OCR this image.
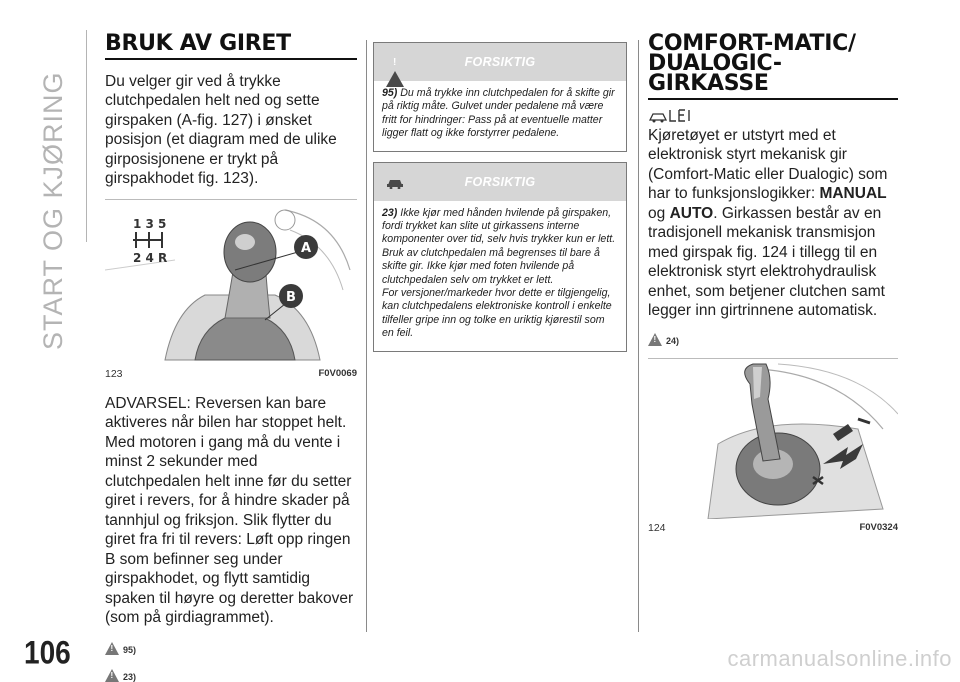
START OG KJØRING
BRUK AV GIRET

Du velger gir ved å trykke clutchpedalen helt ned og sette girspaken (A-fig. 127) i ønsket posisjon (et diagram med de ulike girposisjonene er trykt på girspakhodet fig. 123).

1 3 5
2 4 R
A
B
123	F0V0069

ADVARSEL: Reversen kan bare aktiveres når bilen har stoppet helt. Med motoren i gang må du vente i minst 2 sekunder med clutchpedalen helt inne før du setter giret i revers, for å hindre skader på tannhjul og friksjon. Slik flytter du giret fra fri til revers: Løft opp ringen B som befinner seg under girspakhodet, og flytt samtidig spaken til høyre og deretter bakover (som på girdiagrammet).

!
95)
!
23)
!
FORSIKTIG
95) Du må trykke inn clutchpedalen for å skifte gir på riktig måte. Gulvet under pedalene må være fritt for hindringer: Pass på at eventuelle matter ligger flatt og ikke forstyrrer pedalene.
FORSIKTIG
23) Ikke kjør med hånden hvilende på girspaken, fordi trykket kan slite ut girkassens interne komponenter over tid, selv hvis trykker kun er lett. Bruk av clutchpedalen må begrenses til bare å skifte gir. Ikke kjør med foten hvilende på clutchpedalen selv om trykket er lett.
For versjoner/markeder hvor dette er tilgjengelig, kan clutchpedalens elektroniske kontroll i enkelte tilfeller gripe inn og tolke en uriktig kjørestil som en feil.
COMFORT-MATIC/
DUALOGIC-
GIRKASSE

Kjøretøyet er utstyrt med et elektronisk styrt mekanisk gir (Comfort-Matic eller Dualogic) som har to funksjonslogikker: MANUAL og AUTO. Girkassen består av en tradisjonell mekanisk transmisjon med girspak fig. 124 i tillegg til en elektronisk styrt elektrohydraulisk enhet, som betjener clutchen samt legger inn girtrinnene automatisk.

!
24)
124	F0V0324
106	carmanualsonline.info
